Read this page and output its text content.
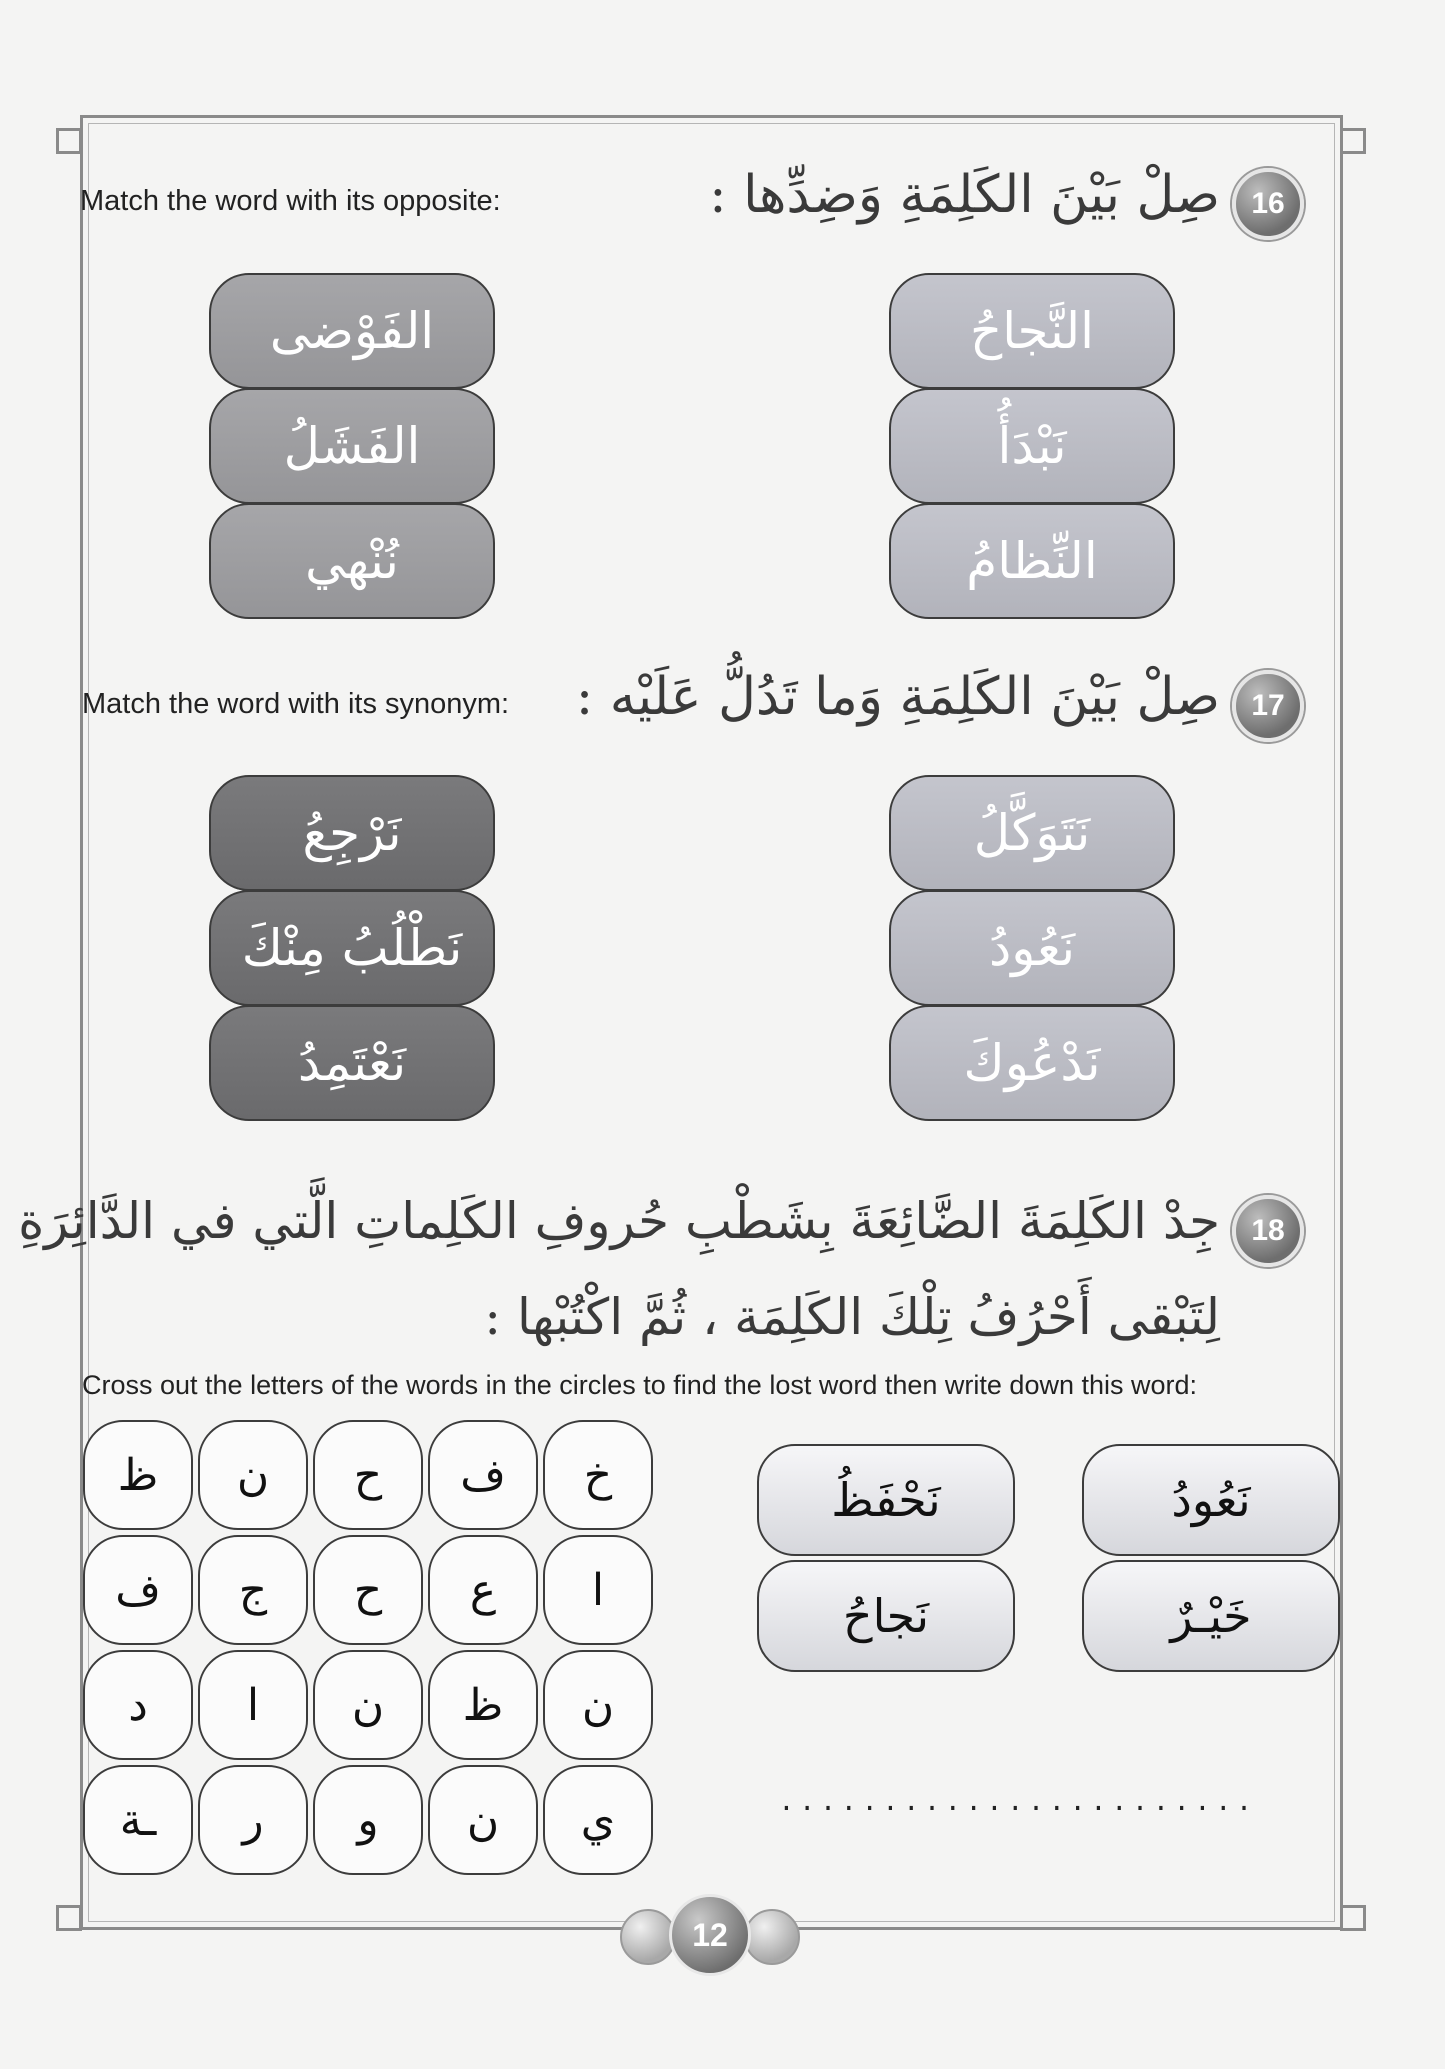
16
صِلْ بَيْنَ الكَلِمَةِ وَضِدِّها :
Match the word with its opposite:
النَّجاحُ
نَبْدَأُ
النِّظامُ
الفَوْضى
الفَشَلُ
نُنْهي
17
صِلْ بَيْنَ الكَلِمَةِ وَما تَدُلُّ عَلَيْه :
Match the word with its synonym:
نَتَوَكَّلُ
نَعُودُ
نَدْعُوكَ
نَرْجِعُ
نَطْلُبُ مِنْكَ
نَعْتَمِدُ
18
جِدْ الكَلِمَةَ الضَّائِعَةَ بِشَطْبِ حُروفِ الكَلِماتِ الَّتي في الدَّائِرَةِ
لِتَبْقى أَحْرُفُ تِلْكَ الكَلِمَة ، ثُمَّ اكْتُبْها :
Cross out the letters of the words in the circles to find the lost word then write down this word:
نَعُودُ
نَحْفَظُ
خَيْـرٌ
نَجاحُ
خ
ف
ح
ن
ظ
ا
ع
ح
ج
ف
ن
ظ
ن
ا
د
ي
ن
و
ر
ـة	.......................
12
